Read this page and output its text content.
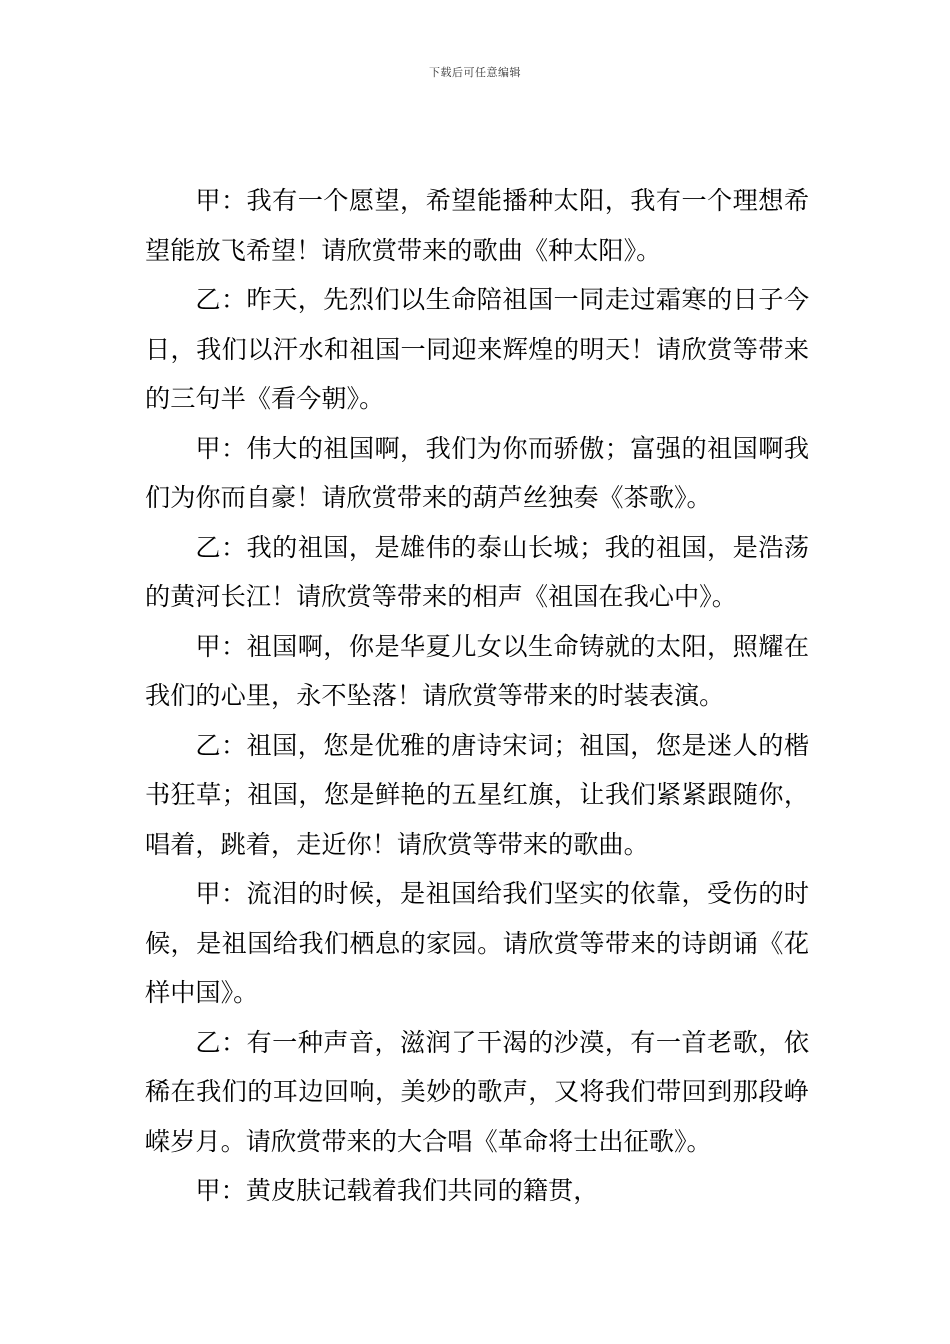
下载后可任意编辑

甲：我有一个愿望，希望能播种太阳，我有一个理想希望能放飞希望！请欣赏带来的歌曲《种太阳》。

乙：昨天，先烈们以生命陪祖国一同走过霜寒的日子今日，我们以汗水和祖国一同迎来辉煌的明天！请欣赏等带来的三句半《看今朝》。

甲：伟大的祖国啊，我们为你而骄傲；富强的祖国啊我们为你而自豪！请欣赏带来的葫芦丝独奏《茶歌》。

乙：我的祖国，是雄伟的泰山长城；我的祖国，是浩荡的黄河长江！请欣赏等带来的相声《祖国在我心中》。

甲：祖国啊，你是华夏儿女以生命铸就的太阳，照耀在我们的心里，永不坠落！请欣赏等带来的时装表演。

乙：祖国，您是优雅的唐诗宋词；祖国，您是迷人的楷书狂草；祖国，您是鲜艳的五星红旗，让我们紧紧跟随你，唱着，跳着，走近你！请欣赏等带来的歌曲。

甲：流泪的时候，是祖国给我们坚实的依靠，受伤的时候，是祖国给我们栖息的家园。请欣赏等带来的诗朗诵《花样中国》。

乙：有一种声音，滋润了干渴的沙漠，有一首老歌，依稀在我们的耳边回响，美妙的歌声，又将我们带回到那段峥嵘岁月。请欣赏带来的大合唱《革命将士出征歌》。

甲：黄皮肤记载着我们共同的籍贯，
